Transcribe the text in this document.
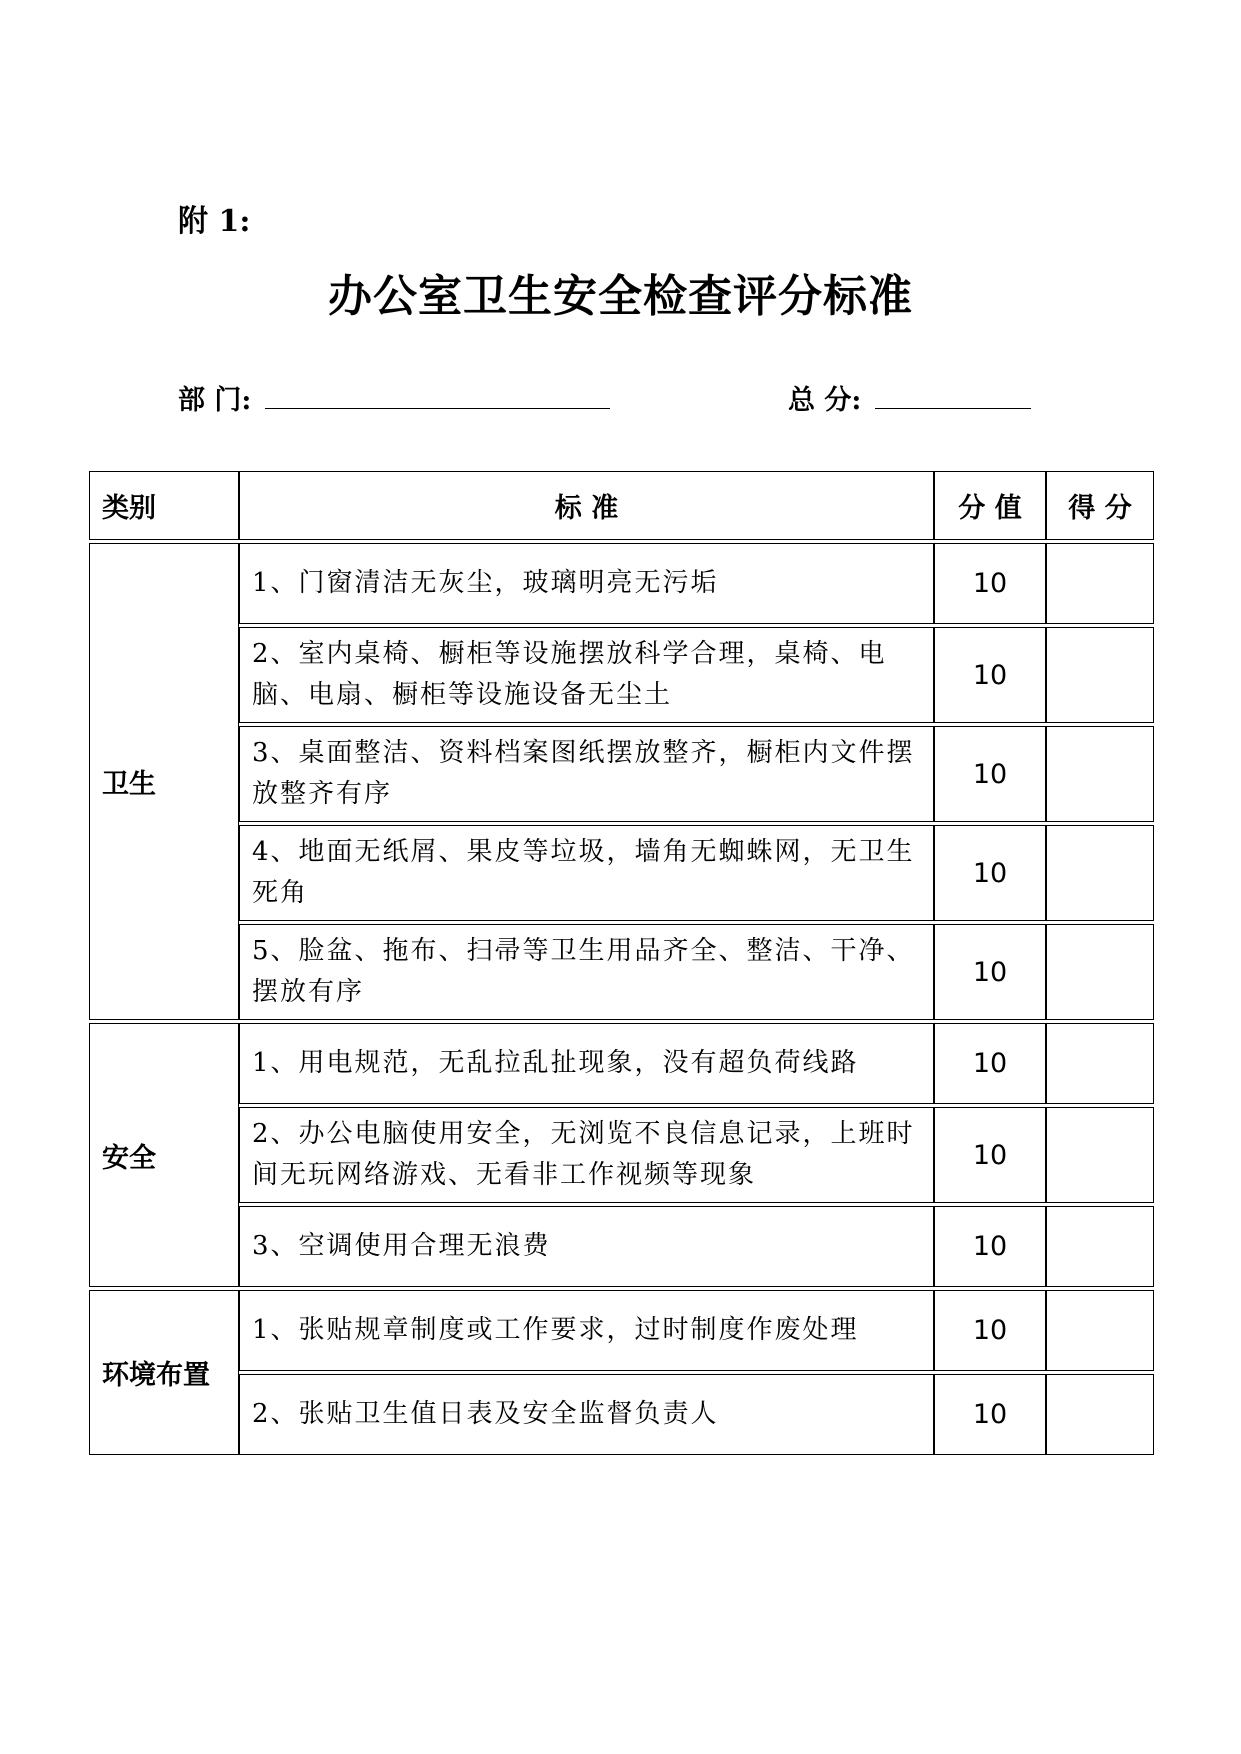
附 1:
办公室卫生安全检查评分标准
部 门:	总 分:
类别	标 准	分 值	得 分
卫生	1、门窗清洁无灰尘，玻璃明亮无污垢	10	
	2、室内桌椅、橱柜等设施摆放科学合理，桌椅、电脑、电扇、橱柜等设施设备无尘土	10	
	3、桌面整洁、资料档案图纸摆放整齐，橱柜内文件摆放整齐有序	10	
	4、地面无纸屑、果皮等垃圾，墙角无蜘蛛网，无卫生死角	10	
	5、脸盆、拖布、扫帚等卫生用品齐全、整洁、干净、摆放有序	10	
安全	1、用电规范，无乱拉乱扯现象，没有超负荷线路	10	
	2、办公电脑使用安全，无浏览不良信息记录，上班时间无玩网络游戏、无看非工作视频等现象	10	
	3、空调使用合理无浪费	10	
环境布置	1、张贴规章制度或工作要求，过时制度作废处理	10	
	2、张贴卫生值日表及安全监督负责人	10	
